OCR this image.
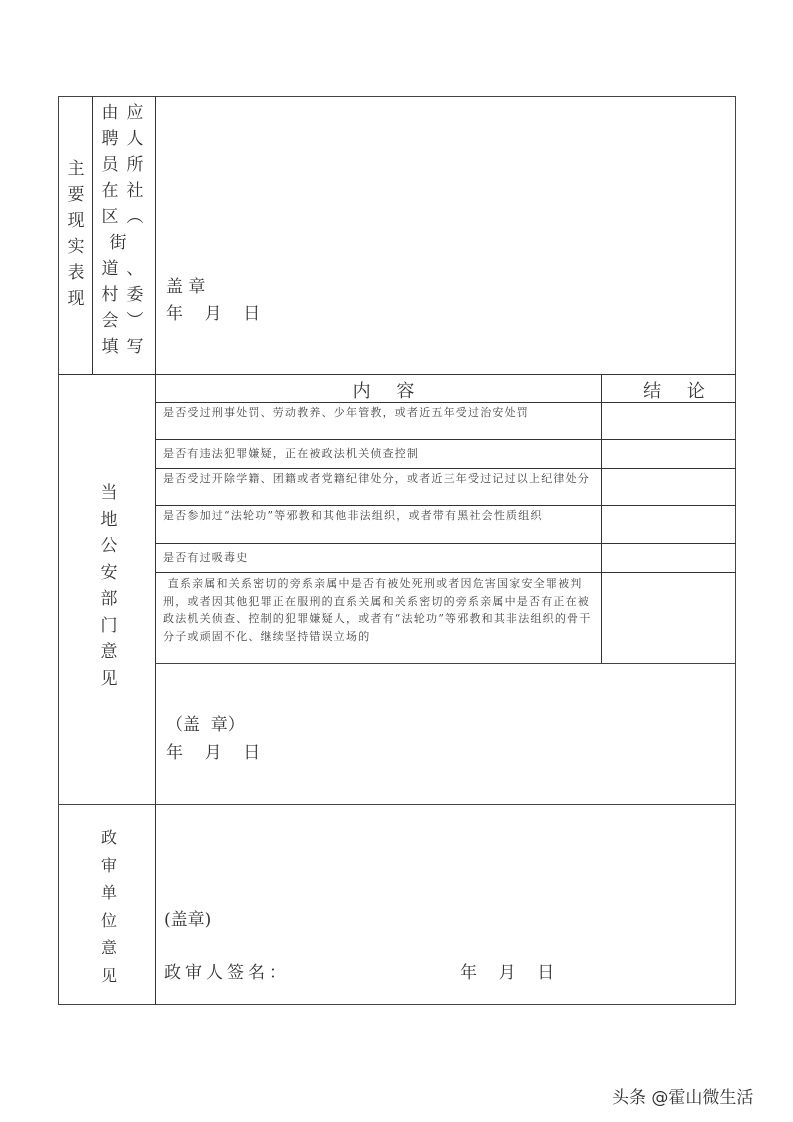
主
要
现
实
表
现
由
聘
员
在
区
道
村
会
填
应
人
所
社
︵
街
、
委
︶
写
盖 章
年    月    日
当
地
公
安
部
门
意
见
内 容	结 论
是否受过刑事处罚、劳动教养、少年管教，或者近五年受过治安处罚
是否有违法犯罪嫌疑，正在被政法机关侦查控制
是否受过开除学籍、团籍或者党籍纪律处分，或者近三年受过记过以上纪律处分
是否参加过“法轮功”等邪教和其他非法组织，或者带有黑社会性质组织
是否有过吸毒史
直系亲属和关系密切的旁系亲属中是否有被处死刑或者因危害国家安全罪被判刑，或者因其他犯罪正在服刑的直系关属和关系密切的旁系亲属中是否有正在被政法机关侦查、控制的犯罪嫌疑人，或者有“法轮功”等邪教和其非法组织的骨干分子或顽固不化、继续坚持错误立场的
（盖  章）
年    月    日
政
审
单
位
意
见
(盖章)
政审人签名：	年    月    日
头条 @霍山微生活
